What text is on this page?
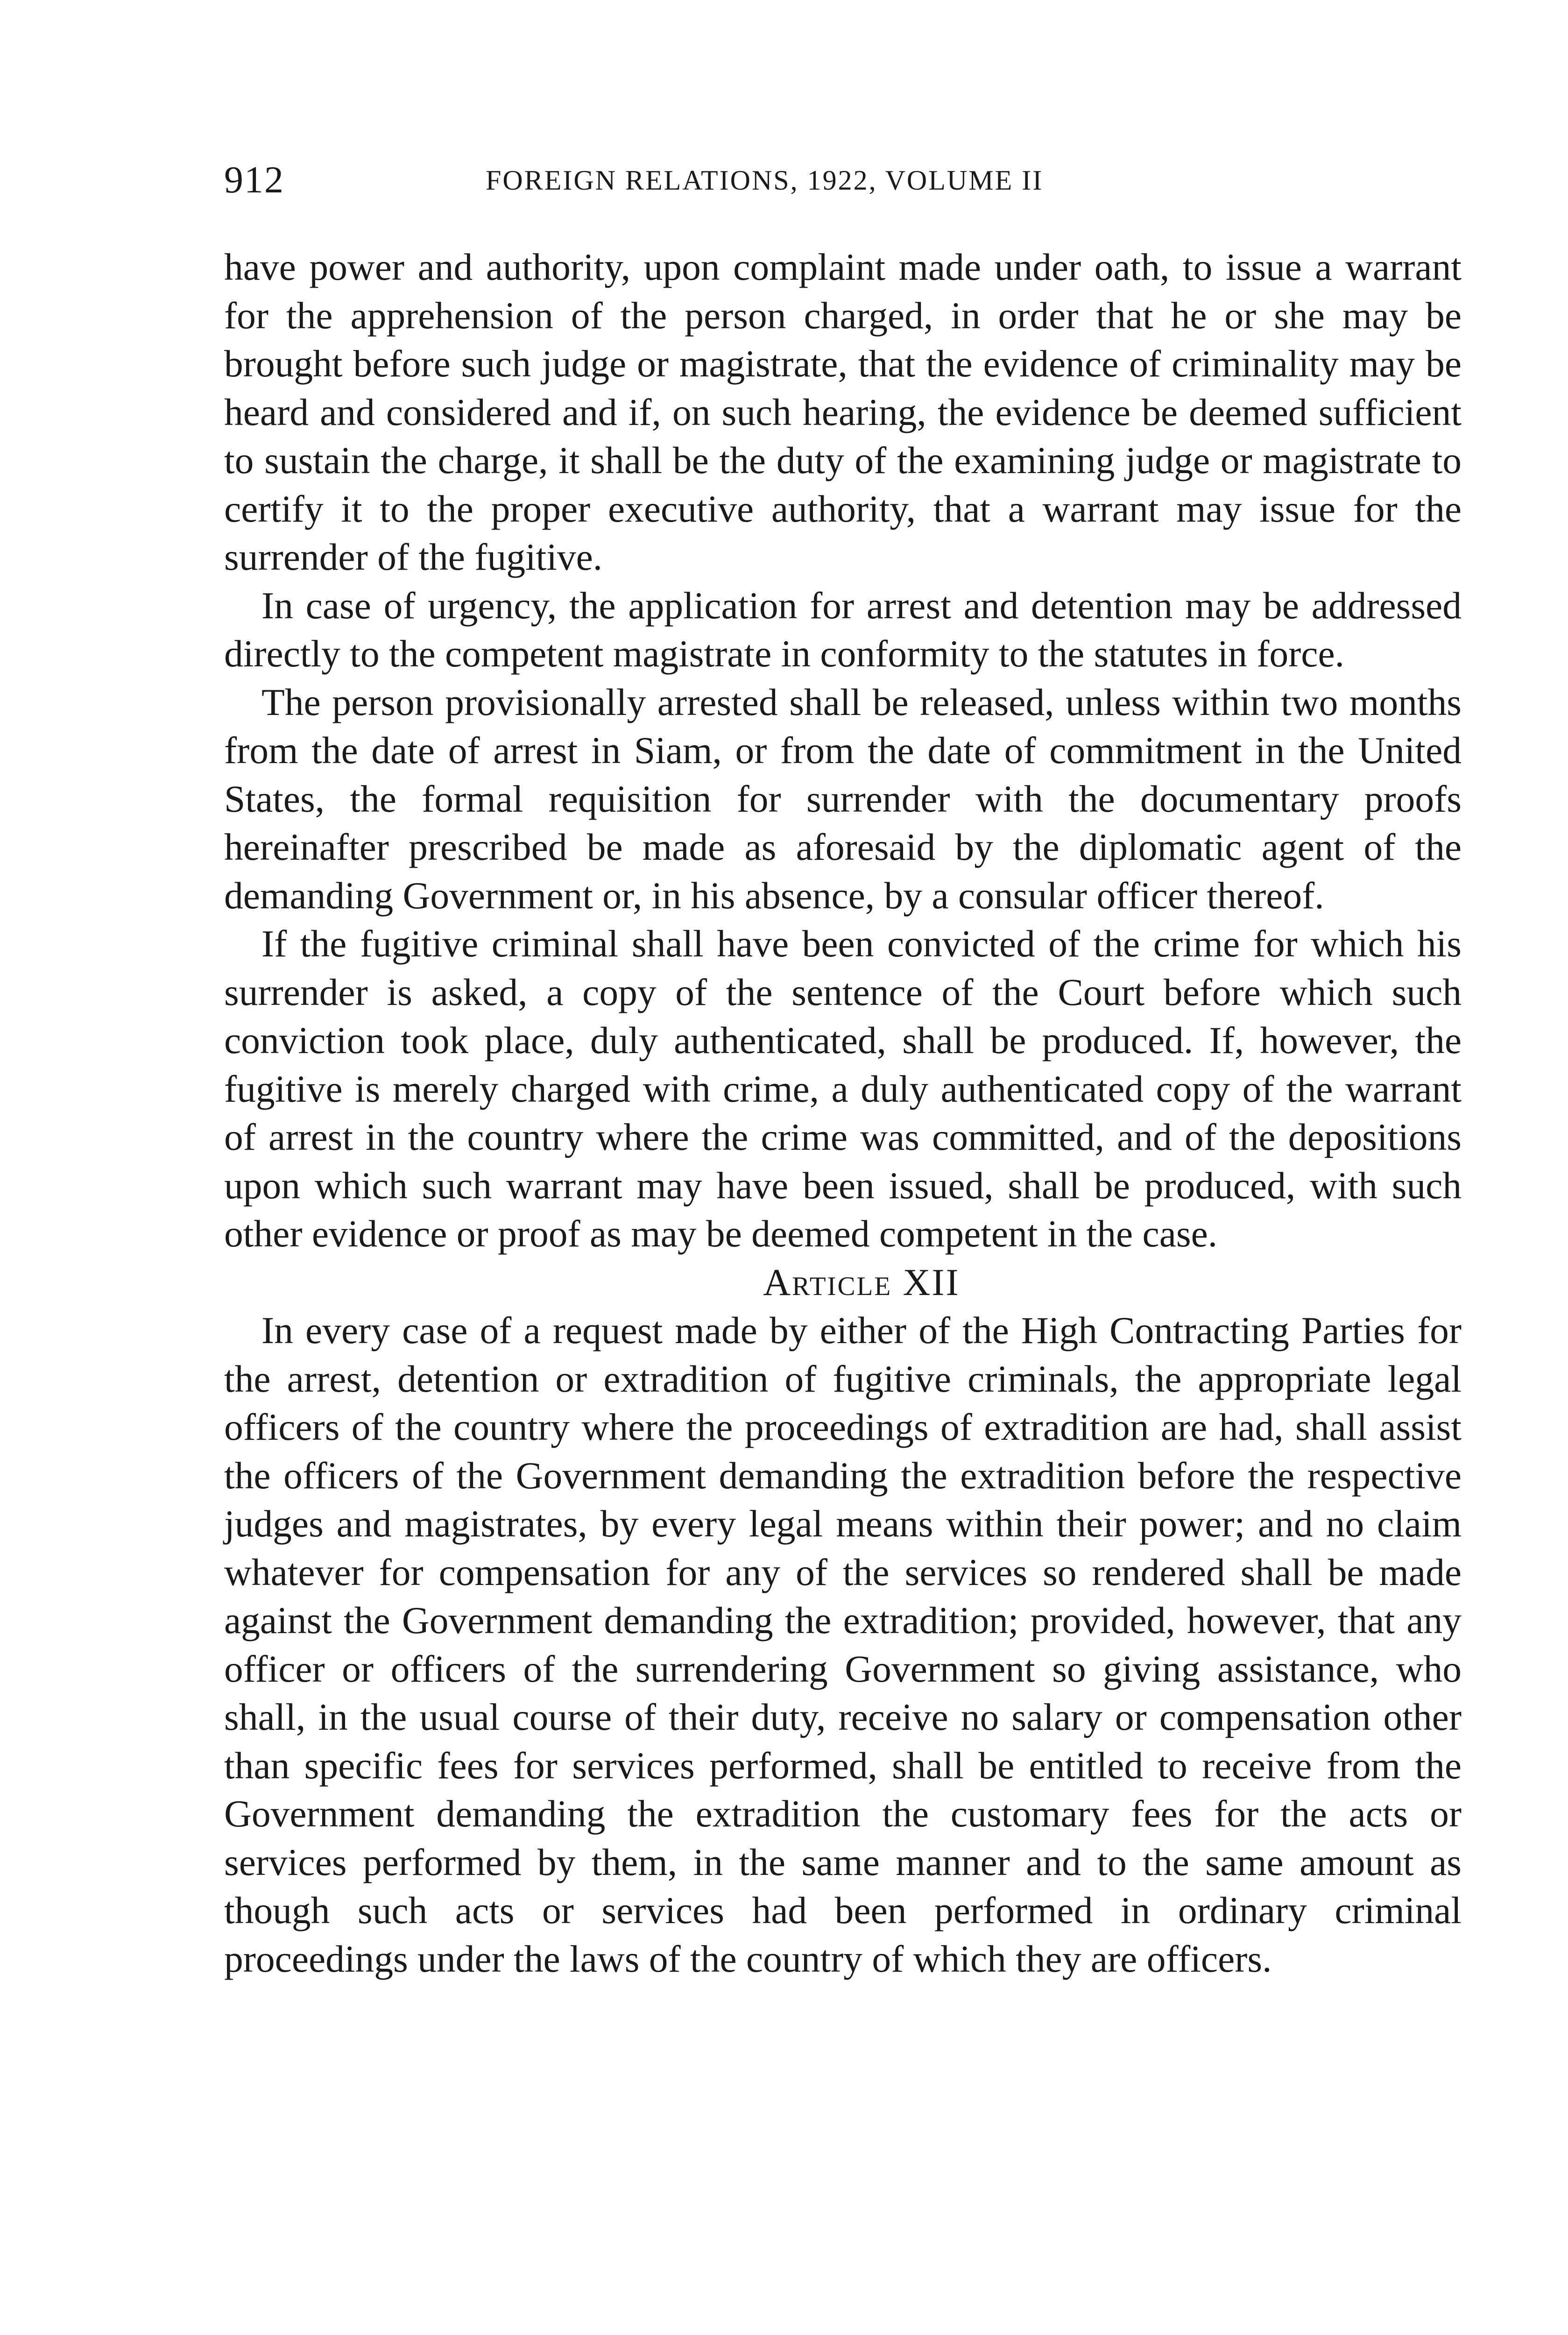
912	FOREIGN RELATIONS, 1922, VOLUME II

have power and authority, upon complaint made under oath, to issue a warrant for the apprehension of the person charged, in order that he or she may be brought before such judge or magistrate, that the evidence of criminality may be heard and considered and if, on such hearing, the evidence be deemed sufficient to sustain the charge, it shall be the duty of the examining judge or magistrate to certify it to the proper executive authority, that a warrant may issue for the surrender of the fugitive.

In case of urgency, the application for arrest and detention may be addressed directly to the competent magistrate in conformity to the statutes in force.

The person provisionally arrested shall be released, unless within two months from the date of arrest in Siam, or from the date of commitment in the United States, the formal requisition for surrender with the documentary proofs hereinafter prescribed be made as aforesaid by the diplomatic agent of the demanding Government or, in his absence, by a consular officer thereof.

If the fugitive criminal shall have been convicted of the crime for which his surrender is asked, a copy of the sentence of the Court before which such conviction took place, duly authenticated, shall be produced. If, however, the fugitive is merely charged with crime, a duly authenticated copy of the warrant of arrest in the country where the crime was committed, and of the depositions upon which such warrant may have been issued, shall be produced, with such other evidence or proof as may be deemed competent in the case.

Article XII

In every case of a request made by either of the High Contracting Parties for the arrest, detention or extradition of fugitive criminals, the appropriate legal officers of the country where the proceedings of extradition are had, shall assist the officers of the Government demanding the extradition before the respective judges and magistrates, by every legal means within their power; and no claim whatever for compensation for any of the services so rendered shall be made against the Government demanding the extradition; provided, however, that any officer or officers of the surrendering Government so giving assistance, who shall, in the usual course of their duty, receive no salary or compensation other than specific fees for services performed, shall be entitled to receive from the Government demanding the extradition the customary fees for the acts or services performed by them, in the same manner and to the same amount as though such acts or services had been performed in ordinary criminal proceedings under the laws of the country of which they are officers.
